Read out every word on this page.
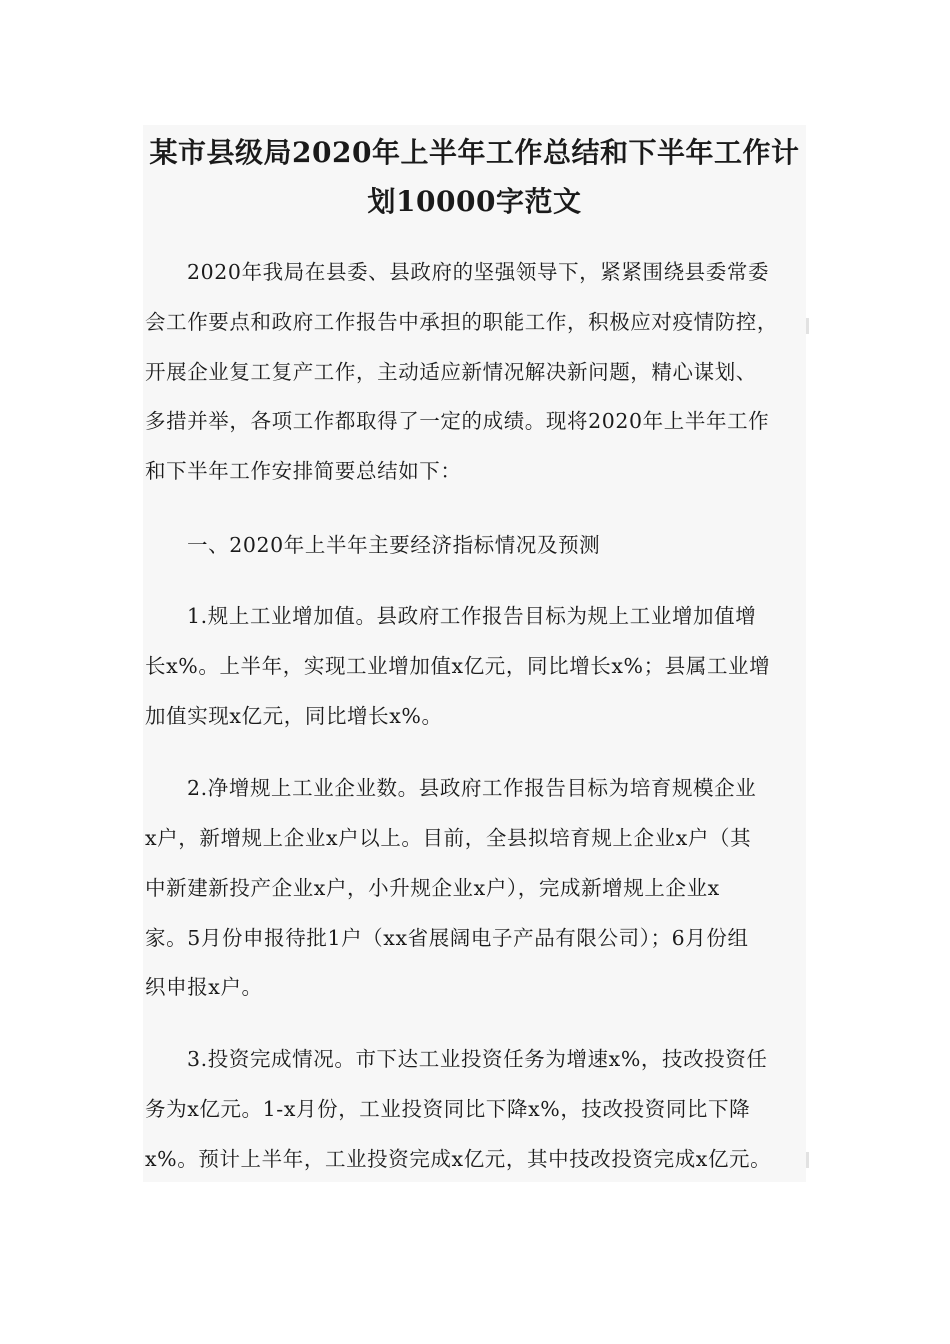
某市县级局2020年上半年工作总结和下半年工作计
划10000字范文
2020年我局在县委、县政府的坚强领导下，紧紧围绕县委常委
会工作要点和政府工作报告中承担的职能工作，积极应对疫情防控，
开展企业复工复产工作，主动适应新情况解决新问题，精心谋划、
多措并举，各项工作都取得了一定的成绩。现将2020年上半年工作
和下半年工作安排简要总结如下：
一、2020年上半年主要经济指标情况及预测
1.规上工业增加值。县政府工作报告目标为规上工业增加值增
长x%。上半年，实现工业增加值x亿元，同比增长x%；县属工业增
加值实现x亿元，同比增长x%。
2.净增规上工业企业数。县政府工作报告目标为培育规模企业
x户，新增规上企业x户以上。目前，全县拟培育规上企业x户（其
中新建新投产企业x户，小升规企业x户），完成新增规上企业x
家。5月份申报待批1户（xx省展阔电子产品有限公司）；6月份组
织申报x户。
3.投资完成情况。市下达工业投资任务为增速x%，技改投资任
务为x亿元。1-x月份，工业投资同比下降x%，技改投资同比下降
x%。预计上半年，工业投资完成x亿元，其中技改投资完成x亿元。
